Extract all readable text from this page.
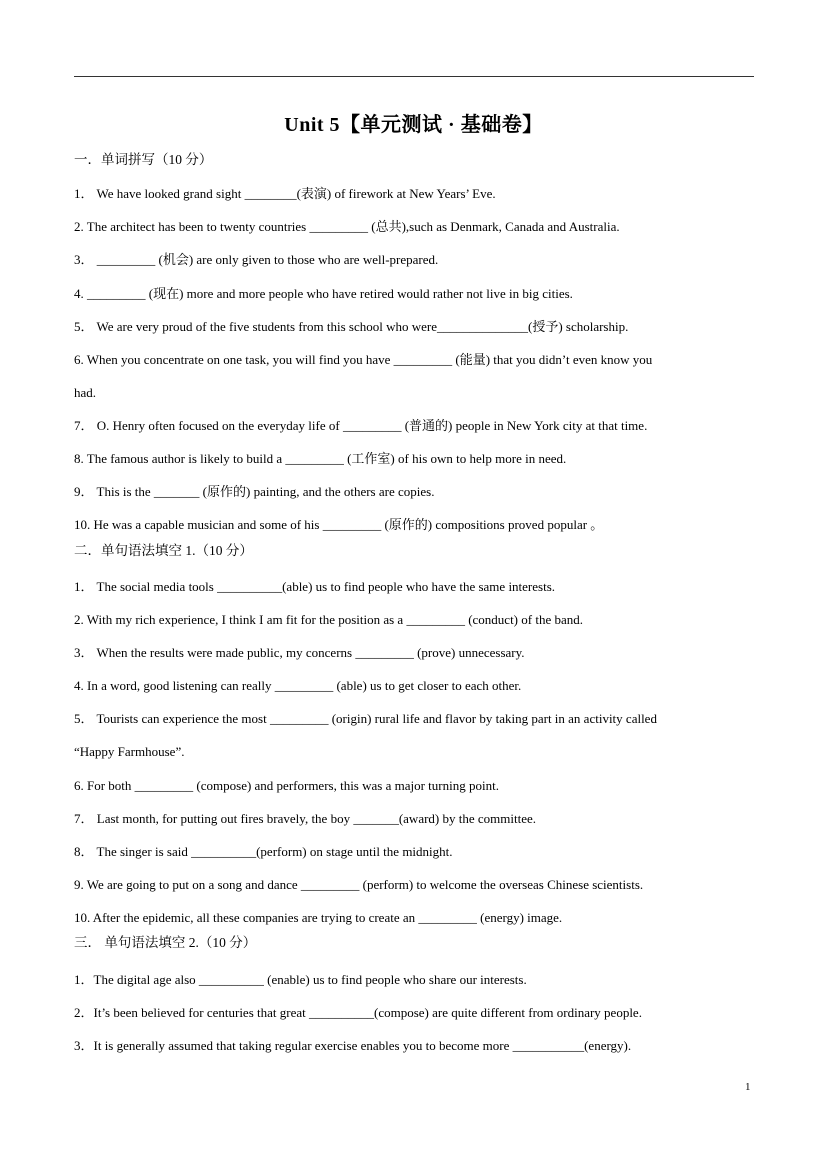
Unit 5【单元测试 · 基础卷】
一．单词拼写（10 分）
1． We have looked grand sight ________(表演) of firework at New Years’ Eve.
2. The architect has been to twenty countries _________ (总共),such as Denmark, Canada and Australia.
3． _________ (机会) are only given to those who are well-prepared.
4. _________ (现在) more and more people who have retired would rather not live in big cities.
5． We are very proud of the five students from this school who were______________(授予) scholarship.
6. When you concentrate on one task, you will find you have _________ (能量) that you didn’t even know you
had.
7． O. Henry often focused on the everyday life of _________ (普通的) people in New York city at that time.
8. The famous author is likely to build a _________ (工作室) of his own to help more in need.
9． This is the _______ (原作的) painting, and the others are copies.
10. He was a capable musician and some of his _________ (原作的) compositions proved popular 。
二．单句语法填空 1.（10 分）
1． The social media tools __________(able) us to find people who have the same interests.
2. With my rich experience, I think I am fit for the position as a _________ (conduct) of the band.
3． When the results were made public, my concerns _________ (prove) unnecessary.
4. In a word, good listening can really _________ (able) us to get closer to each other.
5． Tourists can experience the most _________ (origin) rural life and flavor by taking part in an activity called
“Happy Farmhouse”.
6. For both _________ (compose) and performers, this was a major turning point.
7． Last month, for putting out fires bravely, the boy _______(award) by the committee.
8． The singer is said __________(perform) on stage until the midnight.
9. We are going to put on a song and dance _________ (perform) to welcome the overseas Chinese scientists.
10. After the epidemic, all these companies are trying to create an _________ (energy) image.
三． 单句语法填空 2.（10 分）
1．The digital age also __________ (enable) us to find people who share our interests.
2．It’s been believed for centuries that great __________(compose) are quite different from ordinary people.
3．It is generally assumed that taking regular exercise enables you to become more ___________(energy).
1
